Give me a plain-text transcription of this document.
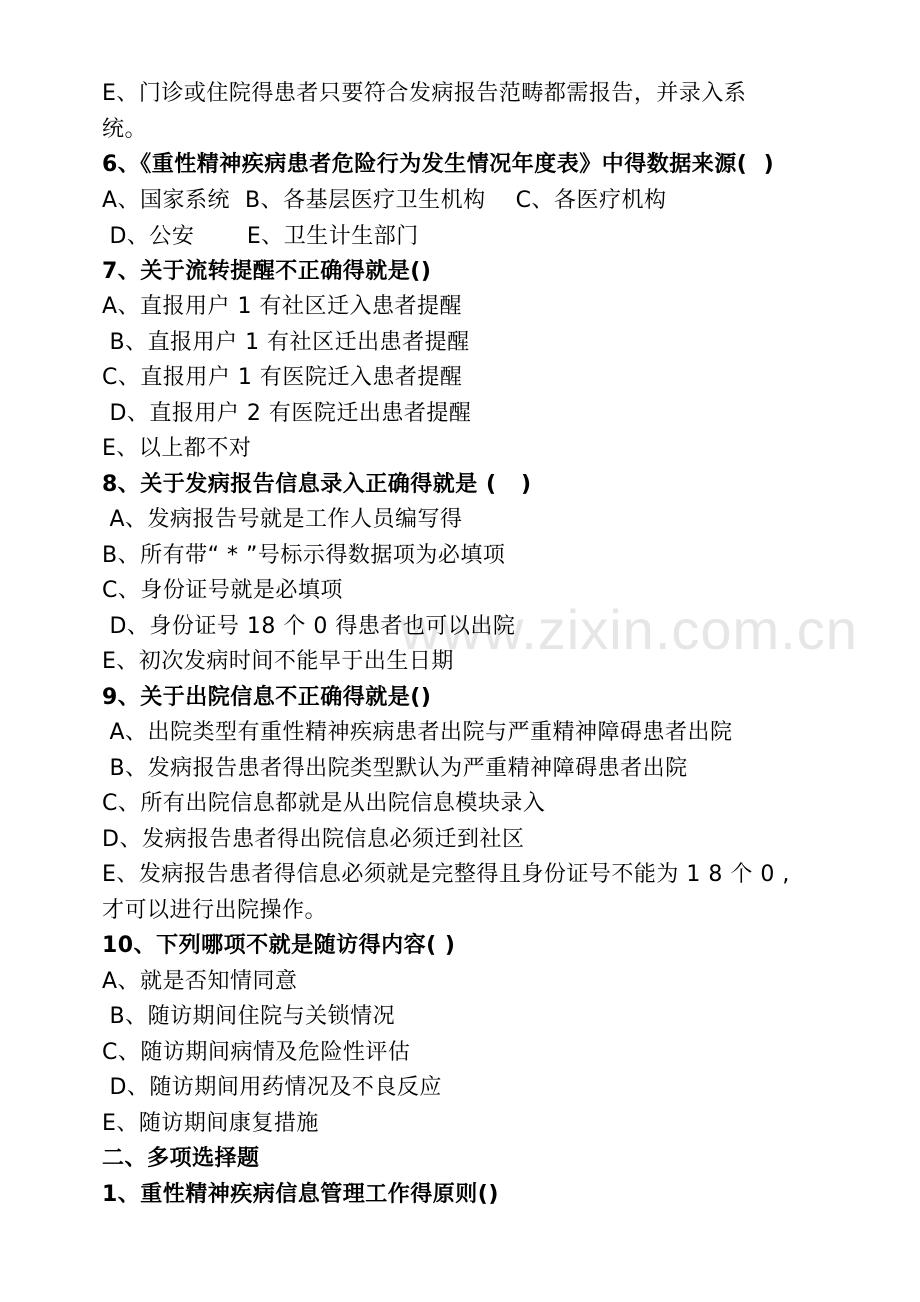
www.zixin.com.cn
E、门诊或住院得患者只要符合发病报告范畴都需报告，并录入系
统。
6、《重性精神疾病患者危险行为发生情况年度表》中得数据来源(  )
A、国家系统  B、各基层医疗卫生机构    C、各医疗机构
D、公安       E、卫生计生部门
7、关于流转提醒不正确得就是()
A、直报用户 1 有社区迁入患者提醒
B、直报用户 1 有社区迁出患者提醒
C、直报用户 1 有医院迁入患者提醒
D、直报用户 2 有医院迁出患者提醒
E、以上都不对
8、关于发病报告信息录入正确得就是 (   )
A、发病报告号就是工作人员编写得
B、所有带“ * ”号标示得数据项为必填项
C、身份证号就是必填项
D、身份证号 18 个 0 得患者也可以出院
E、初次发病时间不能早于出生日期
9、关于出院信息不正确得就是()
A、出院类型有重性精神疾病患者出院与严重精神障碍患者出院
B、发病报告患者得出院类型默认为严重精神障碍患者出院
C、所有出院信息都就是从出院信息模块录入
D、发病报告患者得出院信息必须迁到社区
E、发病报告患者得信息必须就是完整得且身份证号不能为 1 8 个 0 ,
才可以进行出院操作。
10、下列哪项不就是随访得内容( )
A、就是否知情同意
B、随访期间住院与关锁情况
C、随访期间病情及危险性评估
D、随访期间用药情况及不良反应
E、随访期间康复措施
二、多项选择题
1、重性精神疾病信息管理工作得原则()
